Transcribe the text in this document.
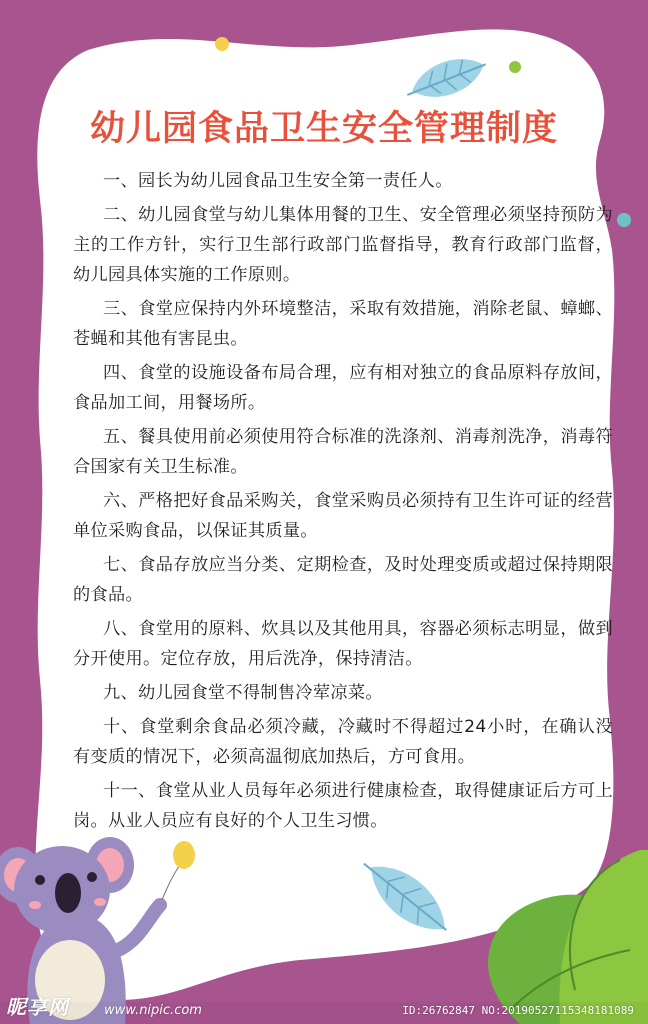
幼儿园食品卫生安全管理制度

一、园长为幼儿园食品卫生安全第一责任人。

二、幼儿园食堂与幼儿集体用餐的卫生、安全管理必须坚持预防为主的工作方针，实行卫生部行政部门监督指导，教育行政部门监督，幼儿园具体实施的工作原则。

三、食堂应保持内外环境整洁，采取有效措施，消除老鼠、蟑螂、苍蝇和其他有害昆虫。

四、食堂的设施设备布局合理，应有相对独立的食品原料存放间，食品加工间，用餐场所。

五、餐具使用前必须使用符合标准的洗涤剂、消毒剂洗净，消毒符合国家有关卫生标准。

六、严格把好食品采购关，食堂采购员必须持有卫生许可证的经营单位采购食品，以保证其质量。

七、食品存放应当分类、定期检查，及时处理变质或超过保持期限的食品。

八、食堂用的原料、炊具以及其他用具，容器必须标志明显，做到分开使用。定位存放，用后洗净，保持清洁。

九、幼儿园食堂不得制售冷荤凉菜。

十、食堂剩余食品必须冷藏，冷藏时不得超过24小时，在确认没有变质的情况下，必须高温彻底加热后，方可食用。

十一、食堂从业人员每年必须进行健康检查，取得健康证后方可上岗。从业人员应有良好的个人卫生习惯。

昵享网	www.nipic.com	ID:26762847 NO:20190527115348181089
